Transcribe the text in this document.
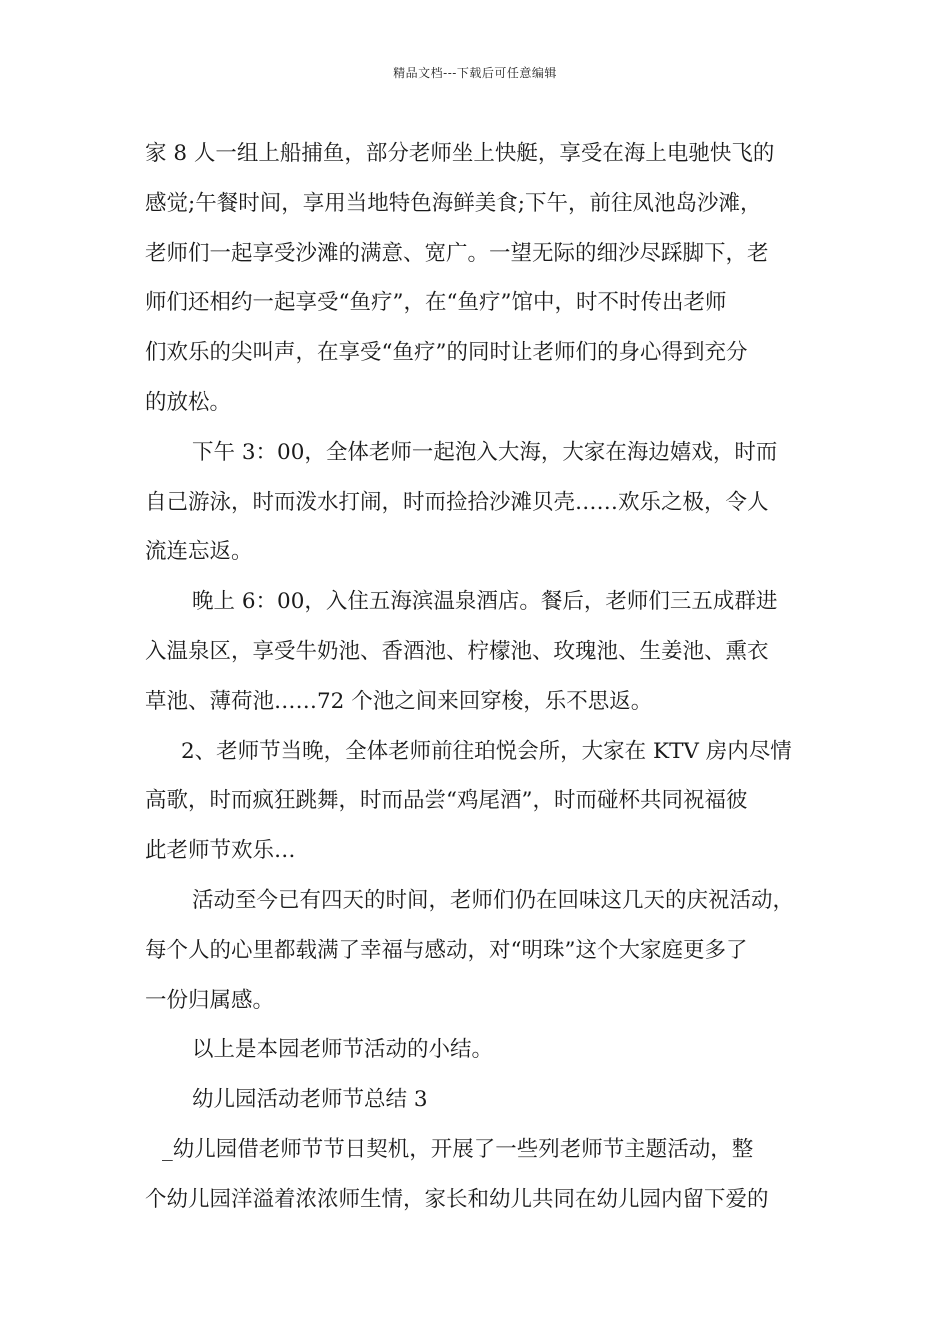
精品文档---下载后可任意编辑

家 8 人一组上船捕鱼，部分老师坐上快艇，享受在海上电驰快飞的
感觉;午餐时间，享用当地特色海鲜美食;下午，前往凤池岛沙滩，
老师们一起享受沙滩的满意、宽广。一望无际的细沙尽踩脚下，老
师们还相约一起享受“鱼疗”，在“鱼疗”馆中，时不时传出老师
们欢乐的尖叫声，在享受“鱼疗”的同时让老师们的身心得到充分
的放松。

下午 3：00，全体老师一起泡入大海，大家在海边嬉戏，时而
自己游泳，时而泼水打闹，时而捡拾沙滩贝壳……欢乐之极，令人
流连忘返。

晚上 6：00，入住五海滨温泉酒店。餐后，老师们三五成群进
入温泉区，享受牛奶池、香酒池、柠檬池、玫瑰池、生姜池、熏衣
草池、薄荷池……72 个池之间来回穿梭，乐不思返。

2、老师节当晚，全体老师前往珀悦会所，大家在 KTV 房内尽情
高歌，时而疯狂跳舞，时而品尝“鸡尾酒”，时而碰杯共同祝福彼
此老师节欢乐…

活动至今已有四天的时间，老师们仍在回味这几天的庆祝活动，
每个人的心里都载满了幸福与感动，对“明珠”这个大家庭更多了
一份归属感。

以上是本园老师节活动的小结。

幼儿园活动老师节总结 3

_幼儿园借老师节节日契机，开展了一些列老师节主题活动，整
个幼儿园洋溢着浓浓师生情，家长和幼儿共同在幼儿园内留下爱的
